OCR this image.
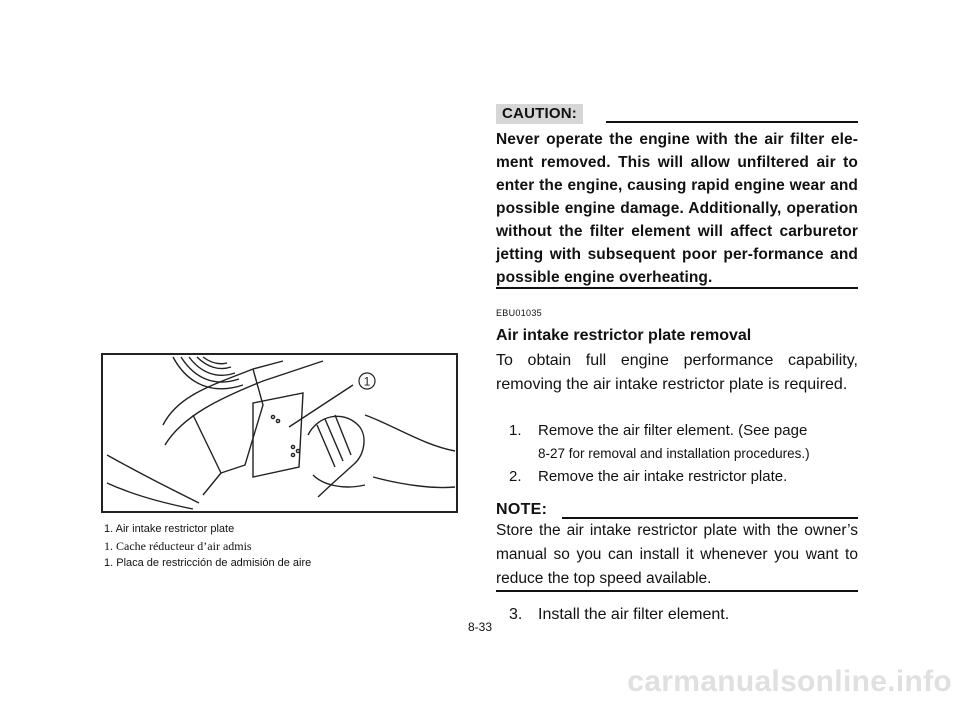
1
1. Air intake restrictor plate
1. Cache réducteur d’air admis
1. Placa de restricción de admisión de aire
CAUTION:
Never operate the engine with the air filter ele-ment removed. This will allow unfiltered air to enter the engine, causing rapid engine wear and possible engine damage. Additionally, operation without the filter element will affect carburetor jetting with subsequent poor per-formance and possible engine overheating.
EBU01035
Air intake restrictor plate removal
To obtain full engine performance capability, removing the air intake restrictor plate is required.
1.	Remove the air filter element. (See page
8-27 for removal and installation procedures.)
2.	Remove the air intake restrictor plate.
NOTE:
Store the air intake restrictor plate with the owner’s manual so you can install it whenever you want to reduce the top speed available.
3. Install the air filter element.
8-33
carmanualsonline.info
